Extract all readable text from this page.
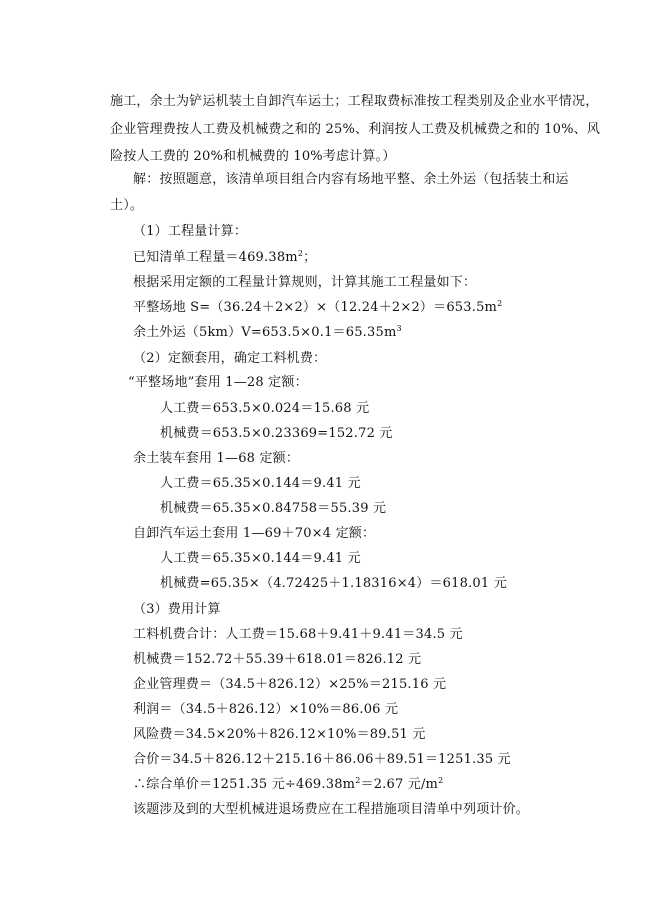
施工，余土为铲运机装土自卸汽车运土；工程取费标准按工程类别及企业水平情况，
企业管理费按人工费及机械费之和的 25%、利润按人工费及机械费之和的 10%、风
险按人工费的 20%和机械费的 10%考虑计算。）
解：按照题意，该清单项目组合内容有场地平整、余土外运（包括装土和运
土）。
（1）工程量计算：
已知清单工程量$=469.38m^2$；
根据采用定额的工程量计算规则，计算其施工工程量如下：
平整场地 $S=(36.24+2\times 2)\times(12.24+2\times 2)=653.5m^2$
余土外运$(5km)V=653.5\times 0.1=65.35m^3$
（2）定额套用，确定工料机费：
“平整场地”套用 1—28 定额：
人工费＝653.5×0.024＝15.68 元
机械费＝653.5×0.23369=152.72 元
余土装车套用 1—68 定额：
人工费＝65.35×0.144＝9.41 元
机械费＝65.35×0.84758＝55.39 元
自卸汽车运土套用 1—69＋70×4 定额：
人工费＝65.35×0.144＝9.41 元
机械费=65.35×（4.72425＋1.18316×4）＝618.01 元
（3）费用计算
工料机费合计：人工费＝15.68＋9.41＋9.41＝34.5 元
机械费＝152.72＋55.39＋618.01＝826.12 元
企业管理费＝（34.5＋826.12）×25%＝215.16 元
利润＝（34.5＋826.12）×10%＝86.06 元
风险费＝34.5×20%＋826.12×10%＝89.51 元
合价＝34.5＋826.12＋215.16＋86.06＋89.51＝1251.35 元
∴综合单价＝1251.35 元$\div 469.38m^2=2.67$ 元$/m^2$
该题涉及到的大型机械进退场费应在工程措施项目清单中列项计价。
